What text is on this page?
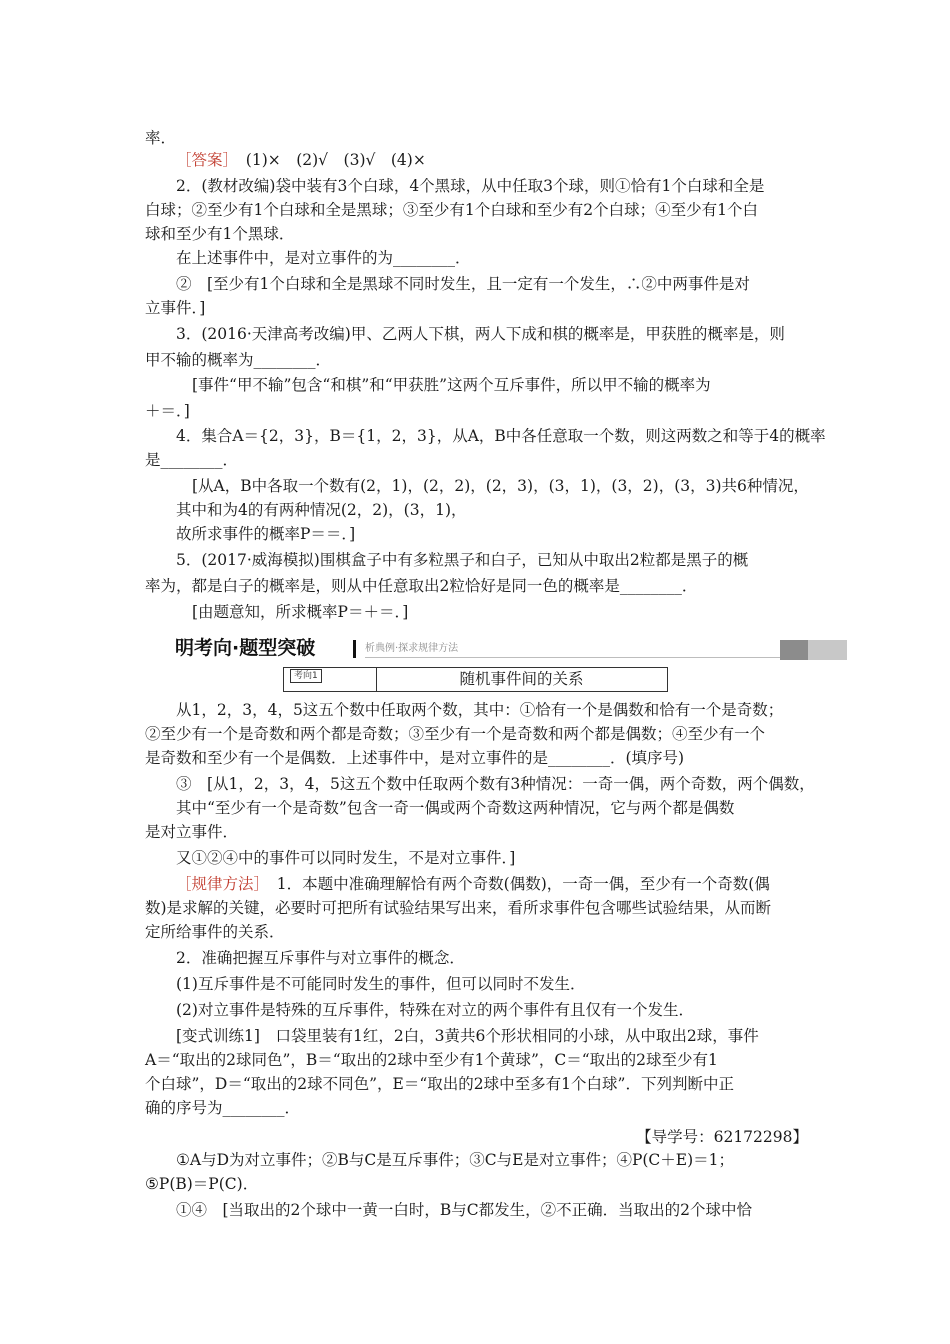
率．
［答案］　 (1)×　(2)√　(3)√　(4)×
2．(教材改编)袋中装有3个白球，4个黑球，从中任取3个球，则①恰有1个白球和全是
白球；②至少有1个白球和全是黑球；③至少有1个白球和至少有2个白球；④至少有1个白
球和至少有1个黑球．
在上述事件中，是对立事件的为________．
②　[至少有1个白球和全是黑球不同时发生，且一定有一个发生，∴②中两事件是对
立事件．]
3．(2016·天津高考改编)甲、乙两人下棋，两人下成和棋的概率是，甲获胜的概率是，则
甲不输的概率为________．
[事件“甲不输”包含“和棋”和“甲获胜”这两个互斥事件，所以甲不输的概率为
＋＝．]
4．集合A＝{2，3}，B＝{1，2，3}，从A，B中各任意取一个数，则这两数之和等于4的概率
是________．
[从A，B中各取一个数有(2，1)，(2，2)，(2，3)，(3，1)，(3，2)，(3，3)共6种情况，
其中和为4的有两种情况(2，2)，(3，1)，
故所求事件的概率P＝＝．]
5．(2017·威海模拟)围棋盒子中有多粒黑子和白子，已知从中取出2粒都是黑子的概
率为，都是白子的概率是，则从中任意取出2粒恰好是同一色的概率是________．
[由题意知，所求概率P＝＋＝．]
明考向·题型突破	析典例·探求规律方法
考向1	随机事件间的关系
从1，2，3，4，5这五个数中任取两个数，其中：①恰有一个是偶数和恰有一个是奇数；
②至少有一个是奇数和两个都是奇数；③至少有一个是奇数和两个都是偶数；④至少有一个
是奇数和至少有一个是偶数．上述事件中，是对立事件的是________．(填序号)
③　[从1，2，3，4，5这五个数中任取两个数有3种情况：一奇一偶，两个奇数，两个偶数，
其中“至少有一个是奇数”包含一奇一偶或两个奇数这两种情况，它与两个都是偶数
是对立事件．
又①②④中的事件可以同时发生，不是对立事件．]
［规律方法］　 1．本题中准确理解恰有两个奇数(偶数)，一奇一偶，至少有一个奇数(偶
数)是求解的关键，必要时可把所有试验结果写出来，看所求事件包含哪些试验结果，从而断
定所给事件的关系．
2．准确把握互斥事件与对立事件的概念．
(1)互斥事件是不可能同时发生的事件，但可以同时不发生．
(2)对立事件是特殊的互斥事件，特殊在对立的两个事件有且仅有一个发生．
[变式训练1]　口袋里装有1红，2白，3黄共6个形状相同的小球，从中取出2球，事件
A＝“取出的2球同色”，B＝“取出的2球中至少有1个黄球”，C＝“取出的2球至少有1
个白球”，D＝“取出的2球不同色”，E＝“取出的2球中至多有1个白球”．下列判断中正
确的序号为________．
【导学号：62172298】
①A与D为对立事件；②B与C是互斥事件；③C与E是对立事件；④P(C＋E)＝1；
⑤P(B)＝P(C)．
①④　[当取出的2个球中一黄一白时，B与C都发生，②不正确．当取出的2个球中恰
